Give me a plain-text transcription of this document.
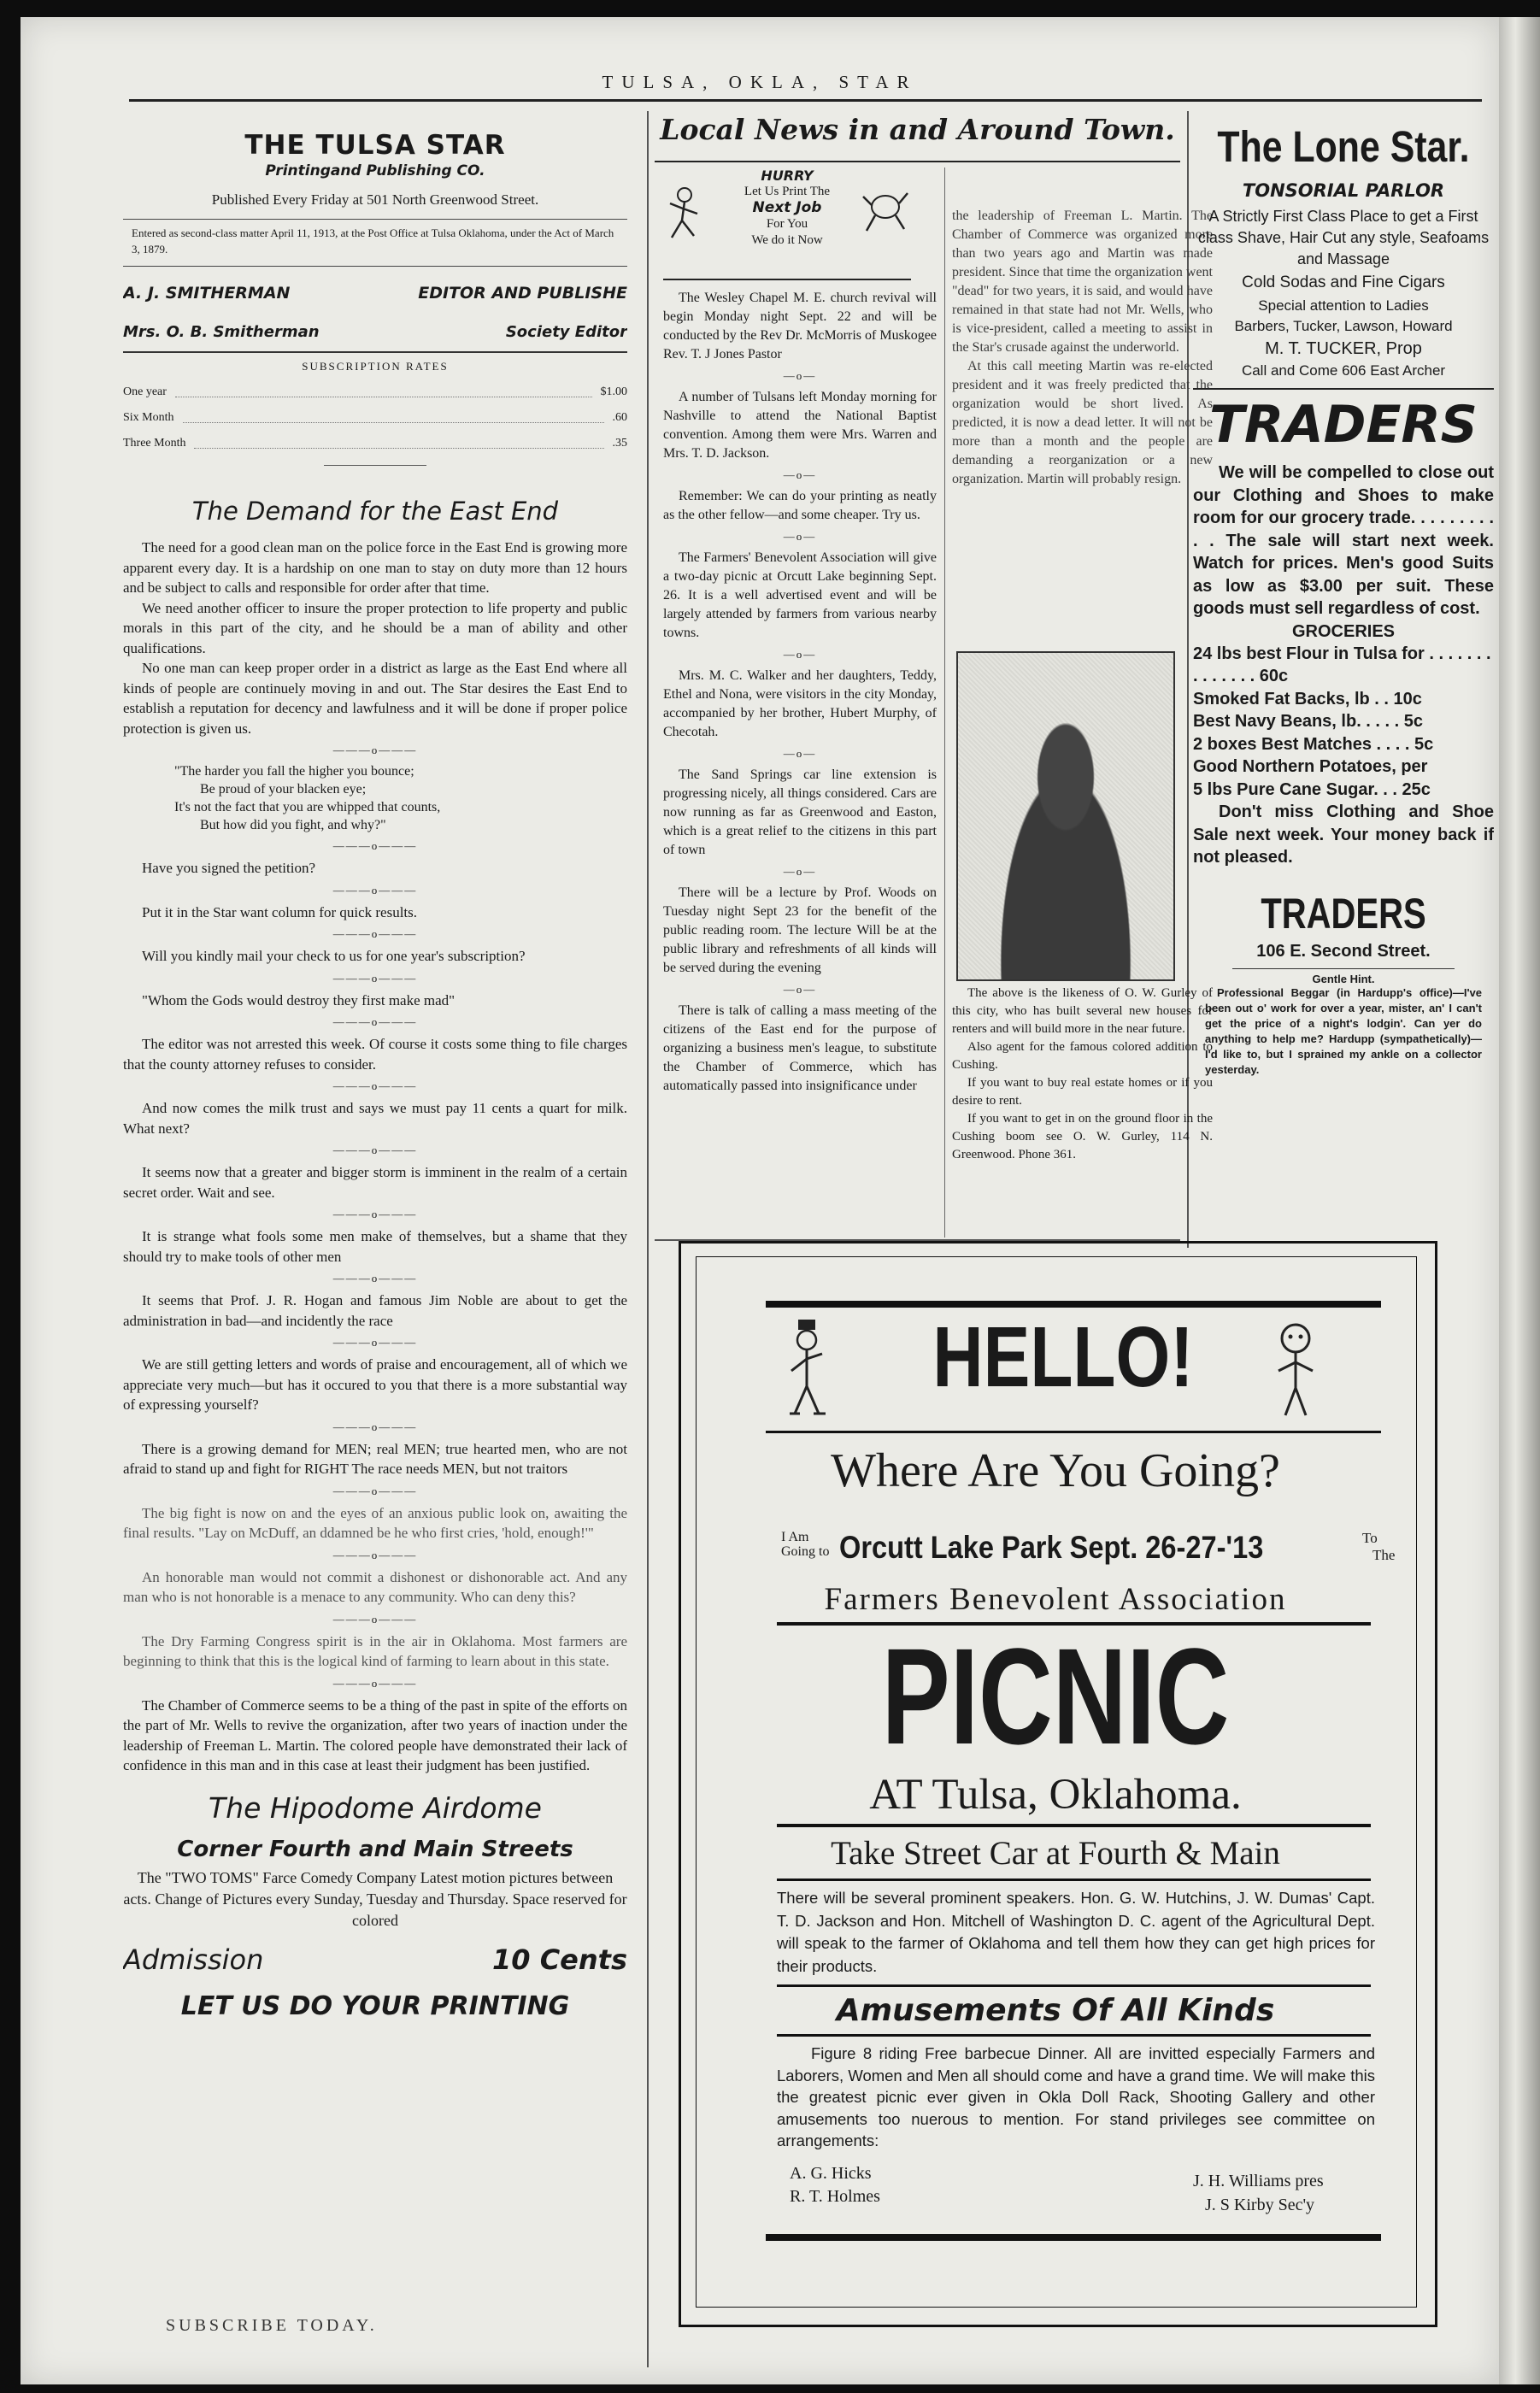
TULSA, OKLA, STAR

THE TULSA STAR

Printingand Publishing CO.

Published Every Friday at 501 North Greenwood Street.

Entered as second-class matter April 11, 1913, at the Post Office at Tulsa Oklahoma, under the Act of March 3, 1879.

A. J. SMITHERMAN	EDITOR AND PUBLISHE
Mrs. O. B. Smitherman	Society Editor

SUBSCRIPTION RATES

One year	$1.00
Six Month	.60
Three Month	.35

The Demand for the East End

The need for a good clean man on the police force in the East End is growing more apparent every day. It is a hardship on one man to stay on duty more than 12 hours and be subject to calls and responsible for order after that time.

We need another officer to insure the proper protection to life property and public morals in this part of the city, and he should be a man of ability and other qualifications.

No one man can keep proper order in a district as large as the East End where all kinds of people are continuely moving in and out. The Star desires the East End to establish a reputation for decency and lawfulness and it will be done if proper police protection is given us.

———o———

"The harder you fall the higher you bounce;

Be proud of your blacken eye;

It's not the fact that you are whipped that counts,

But how did you fight, and why?"

———o———

Have you signed the petition?

———o———

Put it in the Star want column for quick results.

———o———

Will you kindly mail your check to us for one year's subscription?

———o———

"Whom the Gods would destroy they first make mad"

———o———

The editor was not arrested this week. Of course it costs some thing to file charges that the county attorney refuses to consider.

———o———

And now comes the milk trust and says we must pay 11 cents a quart for milk. What next?

———o———

It seems now that a greater and bigger storm is imminent in the realm of a certain secret order. Wait and see.

———o———

It is strange what fools some men make of themselves, but a shame that they should try to make tools of other men

———o———

It seems that Prof. J. R. Hogan and famous Jim Noble are about to get the administration in bad—and incidently the race

———o———

We are still getting letters and words of praise and encouragement, all of which we appreciate very much—but has it occured to you that there is a more substantial way of expressing yourself?

———o———

There is a growing demand for MEN; real MEN; true hearted men, who are not afraid to stand up and fight for RIGHT The race needs MEN, but not traitors

———o———

The big fight is now on and the eyes of an anxious public look on, awaiting the final results. "Lay on McDuff, an ddamned be he who first cries, 'hold, enough!'"

———o———

An honorable man would not commit a dishonest or dishonorable act. And any man who is not honorable is a menace to any community. Who can deny this?

———o———

The Dry Farming Congress spirit is in the air in Oklahoma. Most farmers are beginning to think that this is the logical kind of farming to learn about in this state.

———o———

The Chamber of Commerce seems to be a thing of the past in spite of the efforts on the part of Mr. Wells to revive the organization, after two years of inaction under the leadership of Freeman L. Martin. The colored people have demonstrated their lack of confidence in this man and in this case at least their judgment has been justified.

The Hipodome Airdome

Corner Fourth and Main Streets

The "TWO TOMS" Farce Comedy Company Latest motion pictures between acts. Change of Pictures every Sunday, Tuesday and Thursday. Space reserved for colored

Admission	10 Cents

LET US DO YOUR PRINTING

SUBSCRIBE TODAY.
Local News in and Around Town.

HURRY

Let Us Print The

Next Job

For You

We do it Now

The Wesley Chapel M. E. church revival will begin Monday night Sept. 22 and will be conducted by the Rev Dr. McMorris of Muskogee Rev. T. J Jones Pastor

—o—

A number of Tulsans left Monday morning for Nashville to attend the National Baptist convention. Among them were Mrs. Warren and Mrs. T. D. Jackson.

—o—

Remember: We can do your printing as neatly as the other fellow—and some cheaper. Try us.

—o—

The Farmers' Benevolent Association will give a two-day picnic at Orcutt Lake beginning Sept. 26. It is a well advertised event and will be largely attended by farmers from various nearby towns.

—o—

Mrs. M. C. Walker and her daughters, Teddy, Ethel and Nona, were visitors in the city Monday, accompanied by her brother, Hubert Murphy, of Checotah.

—o—

The Sand Springs car line extension is progressing nicely, all things considered. Cars are now running as far as Greenwood and Easton, which is a great relief to the citizens in this part of town

—o—

There will be a lecture by Prof. Woods on Tuesday night Sept 23 for the benefit of the public reading room. The lecture Will be at the public library and refreshments of all kinds will be served during the evening

—o—

There is talk of calling a mass meeting of the citizens of the East end for the purpose of organizing a business men's league, to substitute the Chamber of Commerce, which has automatically passed into insignificance under

the leadership of Freeman L. Martin. The Chamber of Commerce was organized more than two years ago and Martin was made president. Since that time the organization went "dead" for two years, it is said, and would have remained in that state had not Mr. Wells, who is vice-president, called a meeting to assist in the Star's crusade against the underworld.

At this call meeting Martin was re-elected president and it was freely predicted that the organization would be short lived. As predicted, it is now a dead letter. It will not be more than a month and the people are demanding a reorganization or a new organization. Martin will probably resign.

The above is the likeness of O. W. Gurley of this city, who has built several new houses for renters and will build more in the near future.

Also agent for the famous colored addition to Cushing.

If you want to buy real estate homes or if you desire to rent.

If you want to get in on the ground floor in the Cushing boom see O. W. Gurley, 114 N. Greenwood. Phone 361.

The Lone Star.

TONSORIAL PARLOR

A Strictly First Class Place to get a First class Shave, Hair Cut any style, Seafoams and Massage

Cold Sodas and Fine Cigars

Special attention to Ladies

Barbers, Tucker, Lawson, Howard

M. T. TUCKER, Prop

Call and Come 606 East Archer

TRADERS

We will be compelled to close out our Clothing and Shoes to make room for our grocery trade. . . . . . . . . . . The sale will start next week. Watch for prices. Men's good Suits as low as $3.00 per suit. These goods must sell regardless of cost.

GROCERIES

24 lbs best Flour in Tulsa for . . . . . . . . . . . . . . 60c

Smoked Fat Backs, lb . . 10c

Best Navy Beans, lb. . . . . 5c

2 boxes Best Matches . . . . 5c

Good Northern Potatoes, per

5 lbs Pure Cane Sugar. . . 25c

Don't miss Clothing and Shoe Sale next week. Your money back if not pleased.

TRADERS

106 E. Second Street.

Gentle Hint.

Professional Beggar (in Hardupp's office)—I've been out o' work for over a year, mister, an' I can't get the price of a night's lodgin'. Can yer do anything to help me? Hardupp (sympathetically)—I'd like to, but I sprained my ankle on a collector yesterday.

HELLO!
Where Are You Going?

I Am

Going to Orcutt Lake Park Sept. 26-27-'13	To

The

Farmers Benevolent Association
PICNIC
AT Tulsa, Oklahoma.
Take Street Car at Fourth & Main
There will be several prominent speakers. Hon. G. W. Hutchins, J. W. Dumas' Capt. T. D. Jackson and Hon. Mitchell of Washington D. C. agent of the Agricultural Dept. will speak to the farmer of Oklahoma and tell them how they can get high prices for their products.
Amusements Of All Kinds
Figure 8 riding Free barbecue Dinner. All are invitted especially Farmers and Laborers, Women and Men all should come and have a grand time. We will make this the greatest picnic ever given in Okla Doll Rack, Shooting Gallery and other amusements too nuerous to mention. For stand privileges see committee on arrangements:

A. G. Hicks

R. T. Holmes

J. H. Williams pres

J. S Kirby Sec'y
